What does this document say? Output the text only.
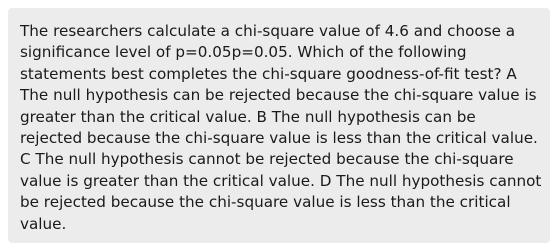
The researchers calculate a chi-square value of 4.6 and choose a significance level of p=0.05p=0.05. Which of the following statements best completes the chi-square goodness-of-fit test? A The null hypothesis can be rejected because the chi-square value is greater than the critical value. B The null hypothesis can be rejected because the chi-square value is less than the critical value. C The null hypothesis cannot be rejected because the chi-square value is greater than the critical value. D The null hypothesis cannot be rejected because the chi-square value is less than the critical value.
